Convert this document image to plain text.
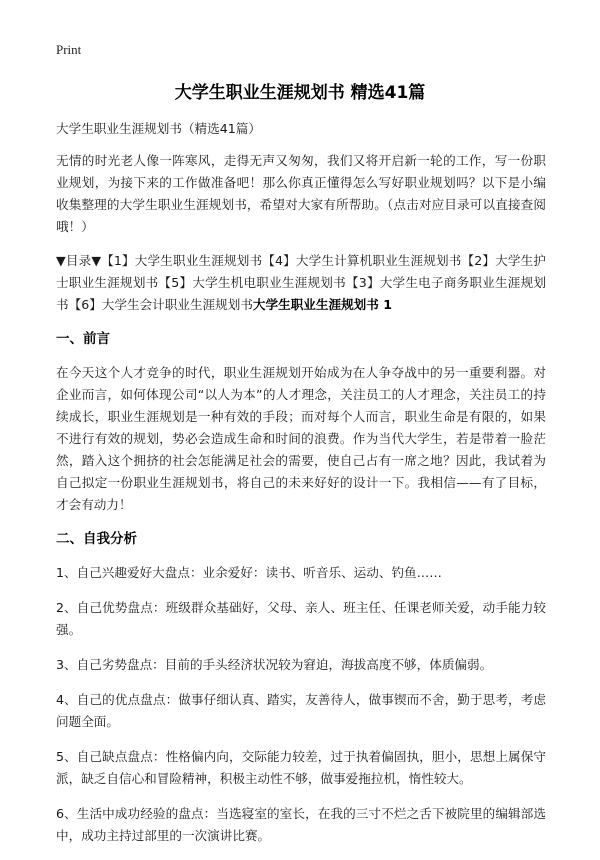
Print
大学生职业生涯规划书 精选41篇

大学生职业生涯规划书（精选41篇）

无情的时光老人像一阵寒风，走得无声又匆匆，我们又将开启新一轮的工作，写一份职业规划，为接下来的工作做准备吧！那么你真正懂得怎么写好职业规划吗？以下是小编收集整理的大学生职业生涯规划书，希望对大家有所帮助。（点击对应目录可以直接查阅哦！）

▼目录▼【1】大学生职业生涯规划书【4】大学生计算机职业生涯规划书【2】大学生护士职业生涯规划书【5】大学生机电职业生涯规划书【3】大学生电子商务职业生涯规划书【6】大学生会计职业生涯规划书大学生职业生涯规划书 1

一、前言

在今天这个人才竞争的时代，职业生涯规划开始成为在人争夺战中的另一重要利器。对企业而言，如何体现公司“以人为本”的人才理念，关注员工的人才理念，关注员工的持续成长，职业生涯规划是一种有效的手段；而对每个人而言，职业生命是有限的，如果不进行有效的规划，势必会造成生命和时间的浪费。作为当代大学生，若是带着一脸茫然，踏入这个拥挤的社会怎能满足社会的需要，使自己占有一席之地？因此，我试着为自己拟定一份职业生涯规划书，将自己的未来好好的设计一下。我相信——有了目标，才会有动力！

二、自我分析

1、自己兴趣爱好大盘点：业余爱好：读书、听音乐、运动、钓鱼……

2、自己优势盘点：班级群众基础好，父母、亲人、班主任、任课老师关爱，动手能力较强。

3、自己劣势盘点：目前的手头经济状况较为窘迫，海拔高度不够，体质偏弱。

4、自己的优点盘点：做事仔细认真、踏实，友善待人，做事锲而不舍，勤于思考，考虑问题全面。

5、自己缺点盘点：性格偏内向，交际能力较差，过于执着偏固执，胆小，思想上属保守派，缺乏自信心和冒险精神，积极主动性不够，做事爱拖拉机，惰性较大。

6、生活中成功经验的盘点：当选寝室的室长，在我的三寸不烂之舌下被院里的编辑部选中，成功主持过部里的一次演讲比赛。
